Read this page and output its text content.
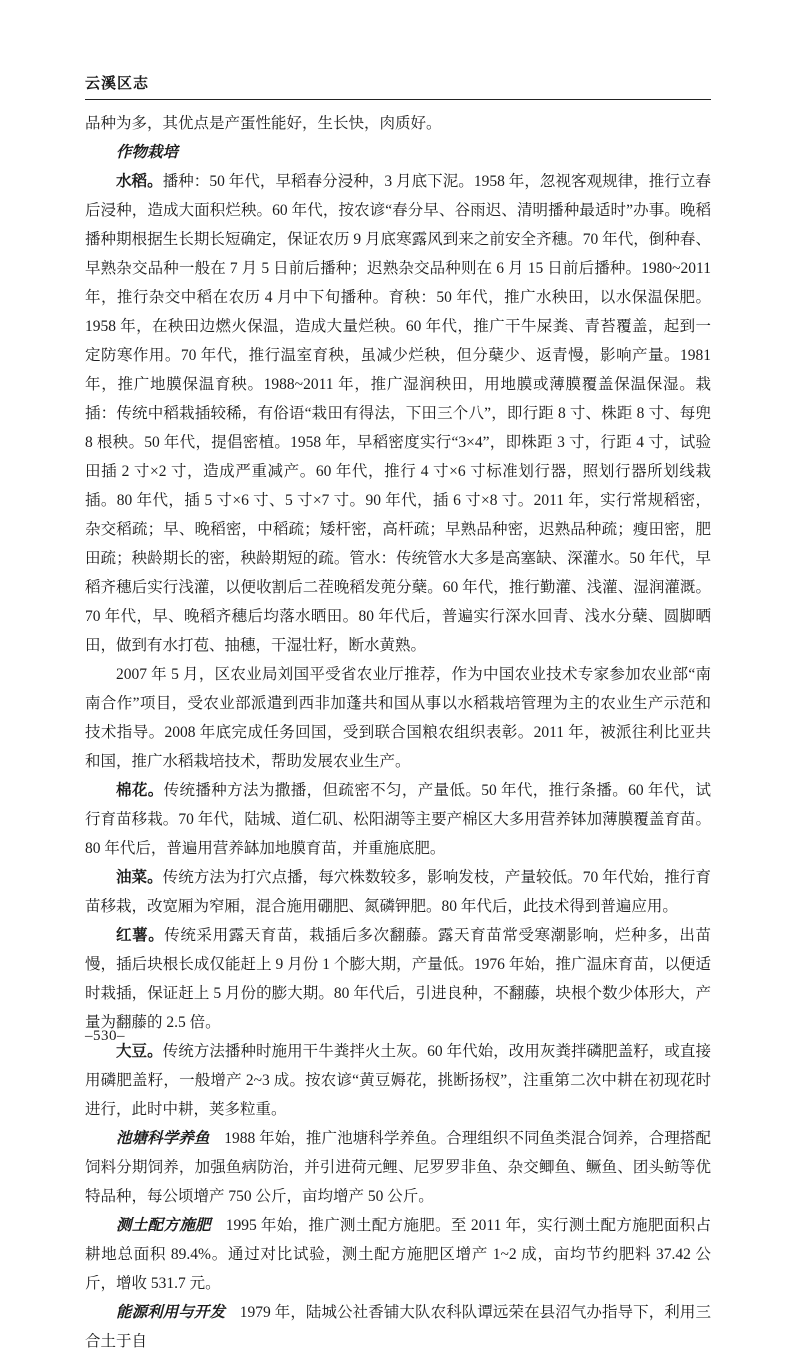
云溪区志

品种为多，其优点是产蛋性能好，生长快，肉质好。

作物栽培

水稻。播种：50 年代，早稻春分浸种，3 月底下泥。1958 年，忽视客观规律，推行立春后浸种，造成大面积烂秧。60 年代，按农谚“春分早、谷雨迟、清明播种最适时”办事。晚稻播种期根据生长期长短确定，保证农历 9 月底寒露风到来之前安全齐穗。70 年代，倒种春、早熟杂交品种一般在 7 月 5 日前后播种；迟熟杂交品种则在 6 月 15 日前后播种。1980~2011 年，推行杂交中稻在农历 4 月中下旬播种。育秧：50 年代，推广水秧田，以水保温保肥。1958 年，在秧田边燃火保温，造成大量烂秧。60 年代，推广干牛屎粪、青苔覆盖，起到一定防寒作用。70 年代，推行温室育秧，虽减少烂秧，但分蘖少、返青慢，影响产量。1981 年，推广地膜保温育秧。1988~2011 年，推广湿润秧田，用地膜或薄膜覆盖保温保湿。栽插：传统中稻栽插较稀，有俗语“栽田有得法，下田三个八”，即行距 8 寸、株距 8 寸、每兜 8 根秧。50 年代，提倡密植。1958 年，早稻密度实行“3×4”，即株距 3 寸，行距 4 寸，试验田插 2 寸×2 寸，造成严重减产。60 年代，推行 4 寸×6 寸标准划行器，照划行器所划线栽插。80 年代，插 5 寸×6 寸、5 寸×7 寸。90 年代，插 6 寸×8 寸。2011 年，实行常规稻密，杂交稻疏；早、晚稻密，中稻疏；矮杆密，高杆疏；早熟品种密，迟熟品种疏；瘦田密，肥田疏；秧龄期长的密，秧龄期短的疏。管水：传统管水大多是高塞缺、深灌水。50 年代，早稻齐穗后实行浅灌，以便收割后二茬晚稻发蔸分蘖。60 年代，推行勤灌、浅灌、湿润灌溉。70 年代，早、晚稻齐穗后均落水晒田。80 年代后，普遍实行深水回青、浅水分蘖、圆脚晒田，做到有水打苞、抽穗，干湿壮籽，断水黄熟。

2007 年 5 月，区农业局刘国平受省农业厅推荐，作为中国农业技术专家参加农业部“南南合作”项目，受农业部派遣到西非加蓬共和国从事以水稻栽培管理为主的农业生产示范和技术指导。2008 年底完成任务回国，受到联合国粮农组织表彰。2011 年，被派往利比亚共和国，推广水稻栽培技术，帮助发展农业生产。

棉花。传统播种方法为撒播，但疏密不匀，产量低。50 年代，推行条播。60 年代，试行育苗移栽。70 年代，陆城、道仁矶、松阳湖等主要产棉区大多用营养钵加薄膜覆盖育苗。80 年代后，普遍用营养缽加地膜育苗，并重施底肥。

油菜。传统方法为打穴点播，每穴株数较多，影响发枝，产量较低。70 年代始，推行育苗移栽，改宽厢为窄厢，混合施用硼肥、氮磷钾肥。80 年代后，此技术得到普遍应用。

红薯。传统采用露天育苗，栽插后多次翻藤。露天育苗常受寒潮影响，烂种多，出苗慢，插后块根长成仅能赶上 9 月份 1 个膨大期，产量低。1976 年始，推广温床育苗，以便适时栽插，保证赶上 5 月份的膨大期。80 年代后，引进良种，不翻藤，块根个数少体形大，产量为翻藤的 2.5 倍。

大豆。传统方法播种时施用干牛粪拌火土灰。60 年代始，改用灰粪拌磷肥盖籽，或直接用磷肥盖籽，一般增产 2~3 成。按农谚“黄豆媷花，挑断扬杈”，注重第二次中耕在初现花时进行，此时中耕，荚多粒重。

池塘科学养鱼 1988 年始，推广池塘科学养鱼。合理组织不同鱼类混合饲养，合理搭配饲料分期饲养，加强鱼病防治，并引进荷元鲤、尼罗罗非鱼、杂交鲫鱼、鳜鱼、团头鲂等优特品种，每公顷增产 750 公斤，亩均增产 50 公斤。

测土配方施肥 1995 年始，推广测土配方施肥。至 2011 年，实行测土配方施肥面积占耕地总面积 89.4%。通过对比试验，测土配方施肥区增产 1~2 成，亩均节约肥料 37.42 公斤，增收 531.7 元。

能源利用与开发 1979 年，陆城公社香铺大队农科队谭远荣在县沼气办指导下，利用三合土于自

–530–
